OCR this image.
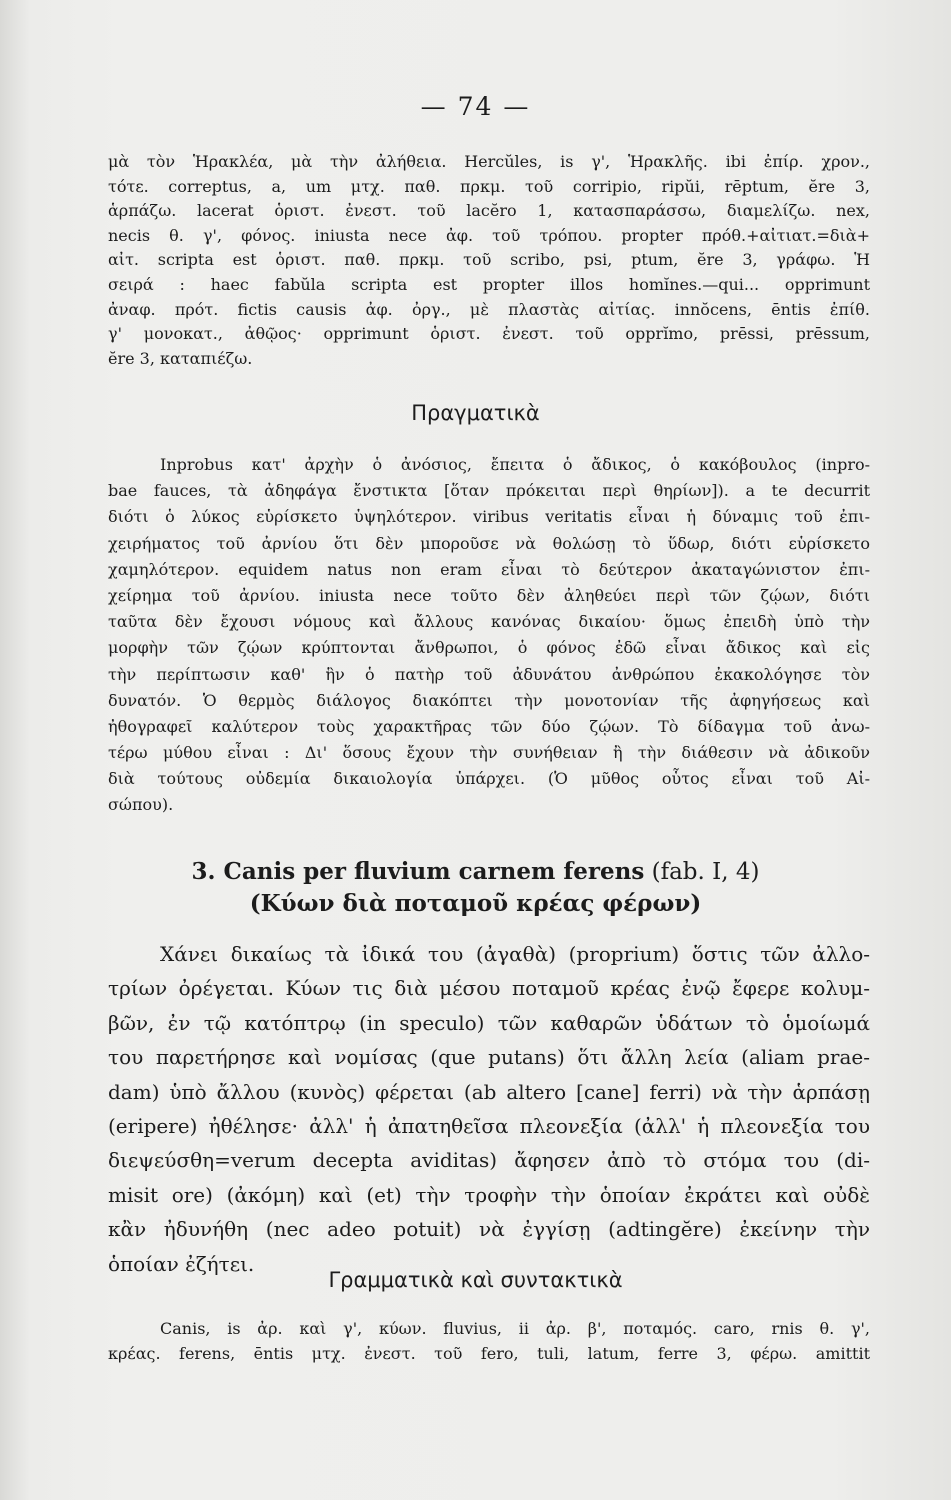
— 74 —
μὰ τὸν Ἡρακλέα, μὰ τὴν ἀλήθεια. Hercŭles, is γ', Ἡρακλῆς. ibi ἐπίρ. χρον.,
τότε. correptus, a, um μτχ. παθ. πρκμ. τοῦ corripio, ripŭi, rēptum, ĕre 3,
ἁρπάζω. lacerat ὁριστ. ἐνεστ. τοῦ lacĕro 1, κατασπαράσσω, διαμελίζω. nex,
necis θ. γ', φόνος. iniusta nece ἀφ. τοῦ τρόπου. propter πρόθ.+αἰτιατ.=διὰ+
αἰτ. scripta est ὁριστ. παθ. πρκμ. τοῦ scribo, psi, ptum, ĕre 3, γράφω. Ἡ
σειρά : haec fabŭla scripta est propter illos homĭnes.—qui... opprimunt
ἀναφ. πρότ. fictis causis ἀφ. ὀργ., μὲ πλαστὰς αἰτίας. innŏcens, ēntis ἐπίθ.
γ' μονοκατ., ἀθῷος· opprimunt ὁριστ. ἐνεστ. τοῦ opprĭmo, prēssi, prēssum,
ĕre 3, καταπιέζω.
Πραγματικὰ
Inprobus κατ' ἀρχὴν ὁ ἀνόσιος, ἔπειτα ὁ ἄδικος, ὁ κακόβουλος (inpro-
bae fauces, τὰ ἀδηφάγα ἔνστικτα [ὅταν πρόκειται περὶ θηρίων]). a te decurrit
διότι ὁ λύκος εὑρίσκετο ὑψηλότερον. viribus veritatis εἶναι ἡ δύναμις τοῦ ἐπι-
χειρήματος τοῦ ἀρνίου ὅτι δὲν μποροῦσε νὰ θολώσῃ τὸ ὕδωρ, διότι εὑρίσκετο
χαμηλότερον. equidem natus non eram εἶναι τὸ δεύτερον ἀκαταγώνιστον ἐπι-
χείρημα τοῦ ἀρνίου. iniusta nece τοῦτο δὲν ἀληθεύει περὶ τῶν ζῴων, διότι
ταῦτα δὲν ἔχουσι νόμους καὶ ἄλλους κανόνας δικαίου· ὅμως ἐπειδὴ ὑπὸ τὴν
μορφὴν τῶν ζῴων κρύπτονται ἄνθρωποι, ὁ φόνος ἐδῶ εἶναι ἄδικος καὶ εἰς
τὴν περίπτωσιν καθ' ἣν ὁ πατὴρ τοῦ ἀδυνάτου ἀνθρώπου ἐκακολόγησε τὸν
δυνατόν. Ὁ θερμὸς διάλογος διακόπτει τὴν μονοτονίαν τῆς ἀφηγήσεως καὶ
ἠθογραφεῖ καλύτερον τοὺς χαρακτῆρας τῶν δύο ζῴων. Τὸ δίδαγμα τοῦ ἀνω-
τέρω μύθου εἶναι : Δι' ὅσους ἔχουν τὴν συνήθειαν ἢ τὴν διάθεσιν νὰ ἀδικοῦν
διὰ τούτους οὐδεμία δικαιολογία ὑπάρχει. (Ὁ μῦθος οὗτος εἶναι τοῦ Αἰ-
σώπου).
3. Canis per fluvium carnem ferens (fab. I, 4)
(Κύων διὰ ποταμοῦ κρέας φέρων)
Χάνει δικαίως τὰ ἰδικά του (ἀγαθὰ) (proprium) ὅστις τῶν ἀλλο-
τρίων ὀρέγεται. Κύων τις διὰ μέσου ποταμοῦ κρέας ἐνῷ ἔφερε κολυμ-
βῶν, ἐν τῷ κατόπτρῳ (in speculo) τῶν καθαρῶν ὑδάτων τὸ ὁμοίωμά
του παρετήρησε καὶ νομίσας (que putans) ὅτι ἄλλη λεία (aliam prae-
dam) ὑπὸ ἄλλου (κυνὸς) φέρεται (ab altero [cane] ferri) νὰ τὴν ἁρπάσῃ
(eripere) ἠθέλησε· ἀλλ' ἡ ἀπατηθεῖσα πλεονεξία (ἀλλ' ἡ πλεονεξία του
διεψεύσθη=verum decepta aviditas) ἄφησεν ἀπὸ τὸ στόμα του (di-
misit ore) (ἀκόμη) καὶ (et) τὴν τροφὴν τὴν ὁποίαν ἐκράτει καὶ οὐδὲ
κἂν ἠδυνήθη (nec adeo potuit) νὰ ἐγγίσῃ (adtingĕre) ἐκείνην τὴν
ὁποίαν ἐζήτει.
Γραμματικὰ καὶ συντακτικὰ
Canis, is ἀρ. καὶ γ', κύων. fluvius, ii ἀρ. β', ποταμός. caro, rnis θ. γ',
κρέας. ferens, ēntis μτχ. ἐνεστ. τοῦ fero, tuli, latum, ferre 3, φέρω. amittit
